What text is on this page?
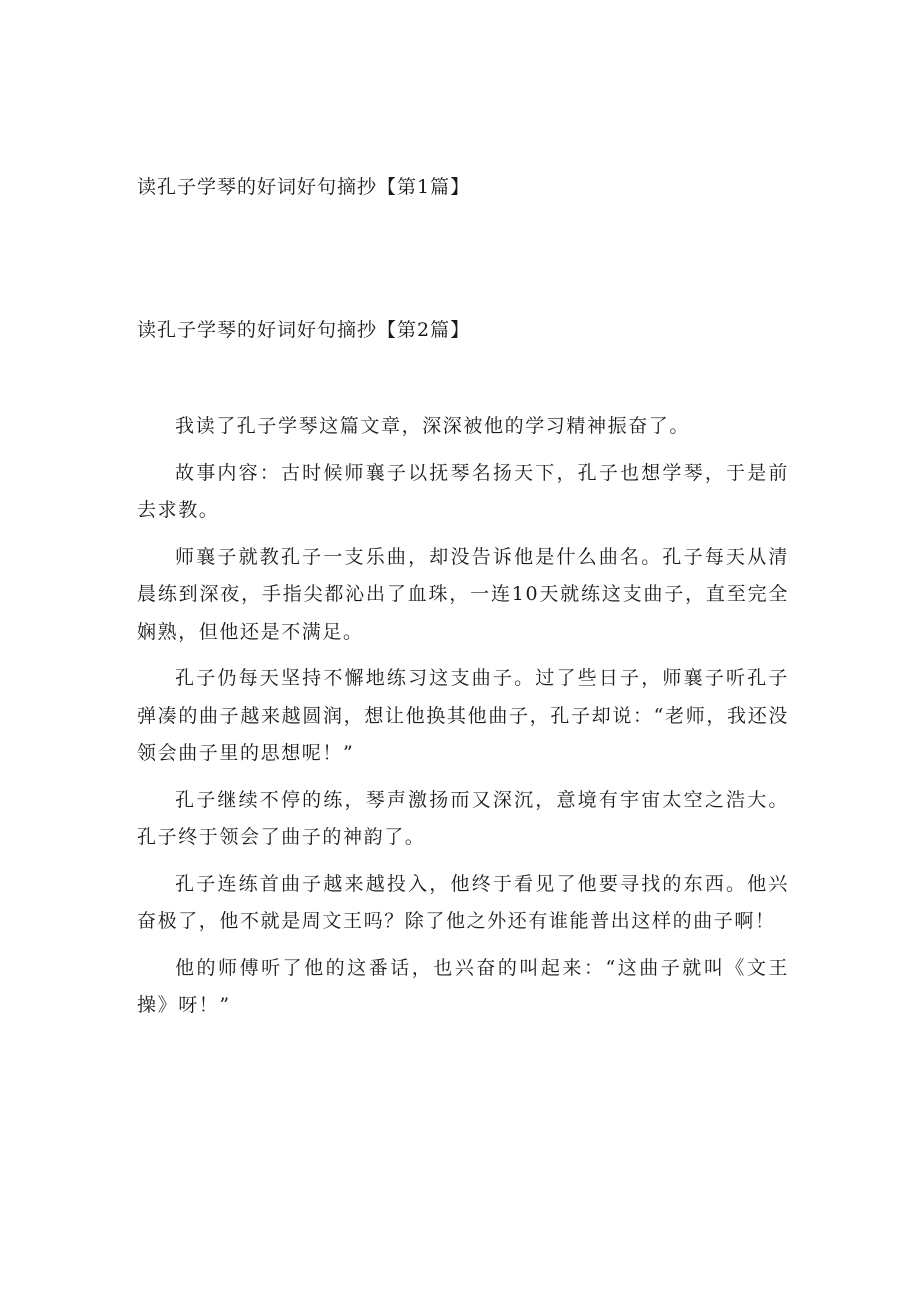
读孔子学琴的好词好句摘抄【第1篇】
读孔子学琴的好词好句摘抄【第2篇】

我读了孔子学琴这篇文章，深深被他的学习精神振奋了。

故事内容：古时候师襄子以抚琴名扬天下，孔子也想学琴，于是前去求教。

师襄子就教孔子一支乐曲，却没告诉他是什么曲名。孔子每天从清晨练到深夜，手指尖都沁出了血珠，一连10天就练这支曲子，直至完全娴熟，但他还是不满足。

孔子仍每天坚持不懈地练习这支曲子。过了些日子，师襄子听孔子弹凑的曲子越来越圆润，想让他换其他曲子，孔子却说：“老师，我还没领会曲子里的思想呢！”

孔子继续不停的练，琴声激扬而又深沉，意境有宇宙太空之浩大。孔子终于领会了曲子的神韵了。

孔子连练首曲子越来越投入，他终于看见了他要寻找的东西。他兴奋极了，他不就是周文王吗？除了他之外还有谁能普出这样的曲子啊！

他的师傅听了他的这番话，也兴奋的叫起来：“这曲子就叫《文王操》呀！”
